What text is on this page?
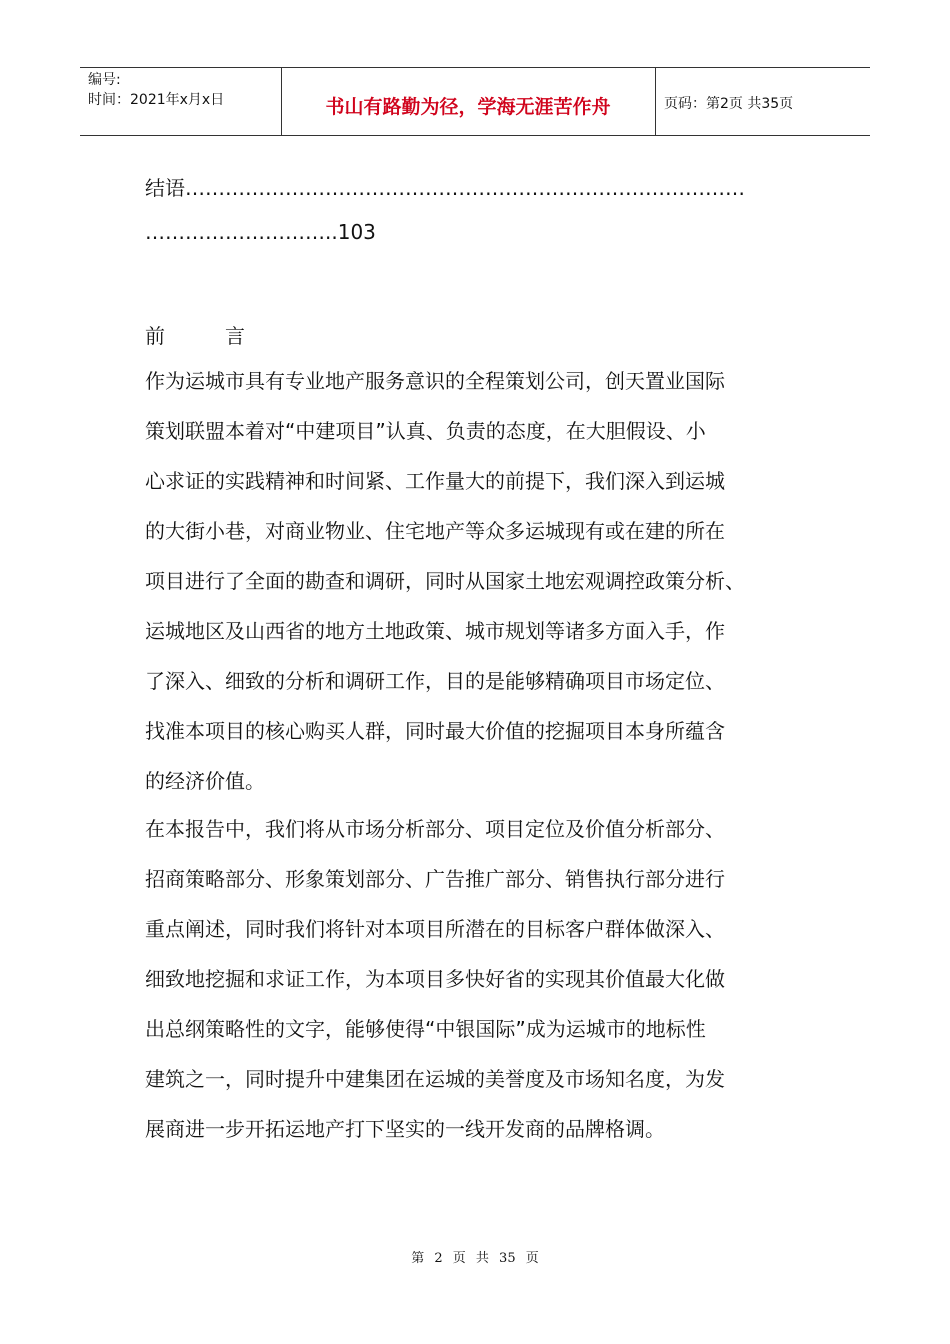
编号:
时间：2021年x月x日	书山有路勤为径，学海无涯苦作舟	页码：第2页 共35页
结语…………………………………………………………………………
………………………..103
前	言
作为运城市具有专业地产服务意识的全程策划公司，创天置业国际
策划联盟本着对“中建项目”认真、负责的态度，在大胆假设、小
心求证的实践精神和时间紧、工作量大的前提下，我们深入到运城
的大街小巷，对商业物业、住宅地产等众多运城现有或在建的所在
项目进行了全面的勘查和调研，同时从国家土地宏观调控政策分析、
运城地区及山西省的地方土地政策、城市规划等诸多方面入手，作
了深入、细致的分析和调研工作，目的是能够精确项目市场定位、
找准本项目的核心购买人群，同时最大价值的挖掘项目本身所蕴含
的经济价值。
在本报告中，我们将从市场分析部分、项目定位及价值分析部分、
招商策略部分、形象策划部分、广告推广部分、销售执行部分进行
重点阐述，同时我们将针对本项目所潜在的目标客户群体做深入、
细致地挖掘和求证工作，为本项目多快好省的实现其价值最大化做
出总纲策略性的文字，能够使得“中银国际”成为运城市的地标性
建筑之一，同时提升中建集团在运城的美誉度及市场知名度，为发
展商进一步开拓运地产打下坚实的一线开发商的品牌格调。
第 2 页 共 35 页
